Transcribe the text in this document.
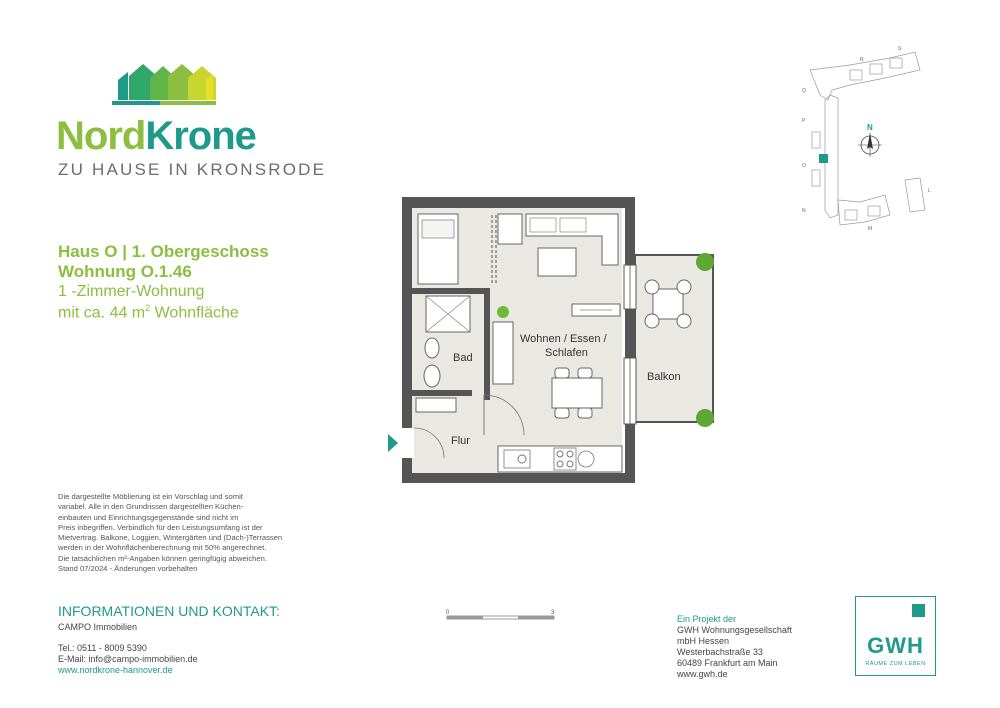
NordKrone
ZU HAUSE IN KRONSRODE
Haus O | 1. Obergeschoss
Wohnung O.1.46
1 -Zimmer-Wohnung
mit ca. 44 $m^2$ Wohnfläche
N
R
S
Q
P
O
N
M
L
Wohnen / Essen /
Schlafen
Bad
Flur
Balkon
Die dargestellte Möblierung ist ein Vorschlag und somit
variabel. Alle in den Grundrissen dargestellten Küchen-
einbauten und Einrichtungsgegenstände sind nicht im
Preis inbegriffen. Verbindlich für den Leistungsumfang ist der
Mietvertrag. Balkone, Loggien, Wintergärten und (Dach-)Terrassen
werden in der Wohnflächenberechnung mit 50% angerechnet.
Die tatsächlichen m²-Angaben können geringfügig abweichen.
Stand 07/2024 - Änderungen vorbehalten
0	3
INFORMATIONEN UND KONTAKT:
CAMPO Immobilien
Tel.: 0511 - 8009 5390
E-Mail: info@campo-immobilien.de
www.nordkrone-hannover.de
Ein Projekt der
GWH Wohnungsgesellschaft
mbH Hessen
Westerbachstraße 33
60489 Frankfurt am Main
www.gwh.de
GWH
RÄUME ZUM LEBEN
